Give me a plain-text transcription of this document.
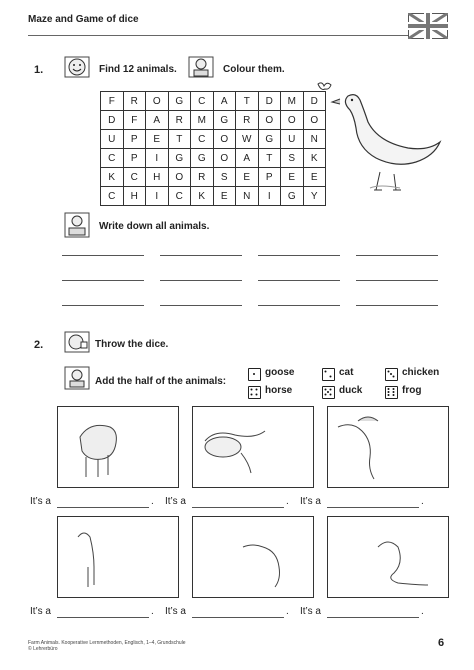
Maze and Game of dice
1.	Find 12 animals.	Colour them.
F	R	O	G	C	A	T	D	M	D
D	F	A	R	M	G	R	O	O	O
U	P	E	T	C	O	W	G	U	N
C	P	I	G	G	O	A	T	S	K
K	C	H	O	R	S	E	P	E	E
C	H	I	C	K	E	N	I	G	Y
Write down all animals.
2.	Throw the dice.
Add the half of the animals:
goose	cat	chicken
horse	duck	frog
It’s a	. It’s a	. It’s a	.
It’s a	. It’s a	. It’s a	.
Farm Animals. Kooperative Lernmethoden, Englisch, 1–4, Grundschule
© Lehrerbüro	6
